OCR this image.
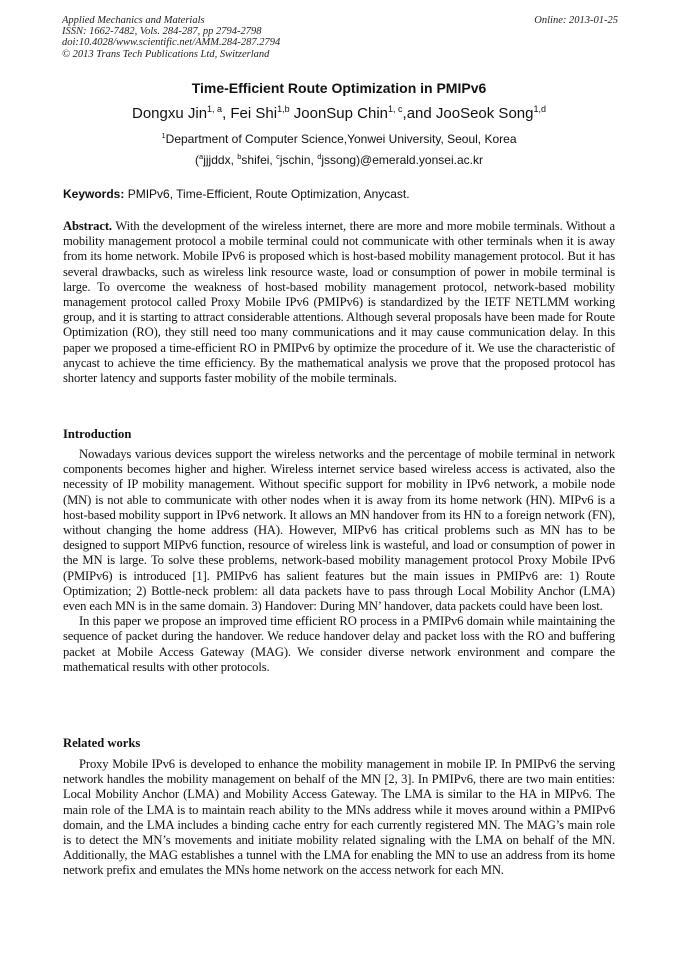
Applied Mechanics and Materials
ISSN: 1662-7482, Vols. 284-287, pp 2794-2798
doi:10.4028/www.scientific.net/AMM.284-287.2794
© 2013 Trans Tech Publications Ltd, Switzerland
Online: 2013-01-25
Time-Efficient Route Optimization in PMIPv6
Dongxu Jin$^{1, a}$, Fei Shi$^{1,b}$ JoonSup Chin$^{1, c}$,and JooSeok Song$^{1,d}$
$^1$Department of Computer Science,Yonwei University, Seoul, Korea
($^a$jjjddx, $^b$shifei, $^c$jschin, $^d$jssong)@emerald.yonsei.ac.kr
Keywords: PMIPv6, Time-Efficient, Route Optimization, Anycast.

Abstract. With the development of the wireless internet, there are more and more mobile terminals. Without a mobility management protocol a mobile terminal could not communicate with other terminals when it is away from its home network. Mobile IPv6 is proposed which is host-based mobility management protocol. But it has several drawbacks, such as wireless link resource waste, load or consumption of power in mobile terminal is large. To overcome the weakness of host-based mobility management protocol, network-based mobility management protocol called Proxy Mobile IPv6 (PMIPv6) is standardized by the IETF NETLMM working group, and it is starting to attract considerable attentions. Although several proposals have been made for Route Optimization (RO), they still need too many communications and it may cause communication delay. In this paper we proposed a time-efficient RO in PMIPv6 by optimize the procedure of it. We use the characteristic of anycast to achieve the time efficiency. By the mathematical analysis we prove that the proposed protocol has shorter latency and supports faster mobility of the mobile terminals.

Introduction

Nowadays various devices support the wireless networks and the percentage of mobile terminal in network components becomes higher and higher. Wireless internet service based wireless access is activated, also the necessity of IP mobility management. Without specific support for mobility in IPv6 network, a mobile node (MN) is not able to communicate with other nodes when it is away from its home network (HN). MIPv6 is a host-based mobility support in IPv6 network. It allows an MN handover from its HN to a foreign network (FN), without changing the home address (HA). However, MIPv6 has critical problems such as MN has to be designed to support MIPv6 function, resource of wireless link is wasteful, and load or consumption of power in the MN is large. To solve these problems, network-based mobility management protocol Proxy Mobile IPv6 (PMIPv6) is introduced [1]. PMIPv6 has salient features but the main issues in PMIPv6 are: 1) Route Optimization; 2) Bottle-neck problem: all data packets have to pass through Local Mobility Anchor (LMA) even each MN is in the same domain. 3) Handover: During MN’ handover, data packets could have been lost.

In this paper we propose an improved time efficient RO process in a PMIPv6 domain while maintaining the sequence of packet during the handover. We reduce handover delay and packet loss with the RO and buffering packet at Mobile Access Gateway (MAG). We consider diverse network environment and compare the mathematical results with other protocols.

Related works

Proxy Mobile IPv6 is developed to enhance the mobility management in mobile IP. In PMIPv6 the serving network handles the mobility management on behalf of the MN [2, 3]. In PMIPv6, there are two main entities: Local Mobility Anchor (LMA) and Mobility Access Gateway. The LMA is similar to the HA in MIPv6. The main role of the LMA is to maintain reach ability to the MNs address while it moves around within a PMIPv6 domain, and the LMA includes a binding cache entry for each currently registered MN. The MAG’s main role is to detect the MN’s movements and initiate mobility related signaling with the LMA on behalf of the MN. Additionally, the MAG establishes a tunnel with the LMA for enabling the MN to use an address from its home network prefix and emulates the MNs home network on the access network for each MN.
